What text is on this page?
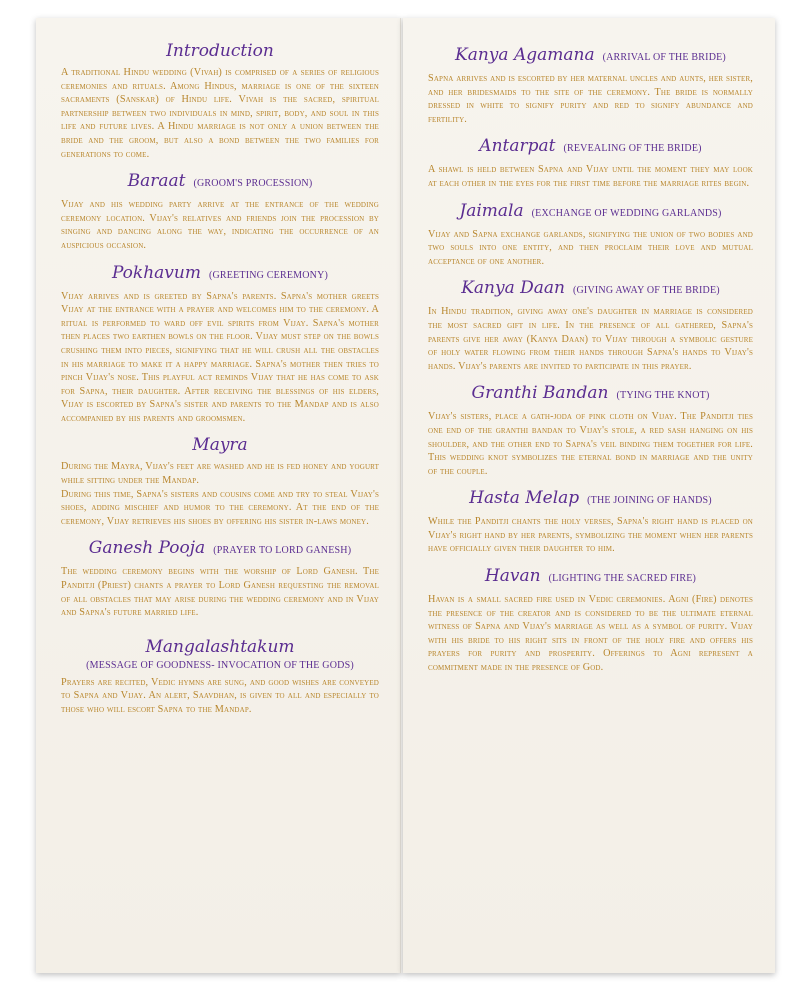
Introduction

A traditional Hindu wedding (Vivah) is comprised of a series of religious ceremonies and rituals. Among Hindus, marriage is one of the sixteen sacraments (Sanskar) of Hindu life. Vivah is the sacred, spiritual partnership between two individuals in mind, spirit, body, and soul in this life and future lives. A Hindu marriage is not only a union between the bride and the groom, but also a bond between the two families for generations to come.

Baraat (GROOM'S PROCESSION)

Vijay and his wedding party arrive at the entrance of the wedding ceremony location. Vijay's relatives and friends join the procession by singing and dancing along the way, indicating the occurrence of an auspicious occasion.

Pokhavum (GREETING CEREMONY)

Vijay arrives and is greeted by Sapna's parents. Sapna's mother greets Vijay at the entrance with a prayer and welcomes him to the ceremony. A ritual is performed to ward off evil spirits from Vijay. Sapna's mother then places two earthen bowls on the floor. Vijay must step on the bowls crushing them into pieces, signifying that he will crush all the obstacles in his marriage to make it a happy marriage. Sapna's mother then tries to pinch Vijay's nose. This playful act reminds Vijay that he has come to ask for Sapna, their daughter. After receiving the blessings of his elders, Vijay is escorted by Sapna's sister and parents to the Mandap and is also accompanied by his parents and groomsmen.

Mayra

During the Mayra, Vijay's feet are washed and he is fed honey and yogurt while sitting under the Mandap.

During this time, Sapna's sisters and cousins come and try to steal Vijay's shoes, adding mischief and humor to the ceremony. At the end of the ceremony, Vijay retrieves his shoes by offering his sister in-laws money.

Ganesh Pooja (PRAYER TO LORD GANESH)

The wedding ceremony begins with the worship of Lord Ganesh. The Panditji (Priest) chants a prayer to Lord Ganesh requesting the removal of all obstacles that may arise during the wedding ceremony and in Vijay and Sapna's future married life.

Mangalashtakum
(MESSAGE OF GOODNESS- INVOCATION OF THE GODS)

Prayers are recited, Vedic hymns are sung, and good wishes are conveyed to Sapna and Vijay. An alert, Saavdhan, is given to all and especially to those who will escort Sapna to the Mandap.

Kanya Agamana (ARRIVAL OF THE BRIDE)

Sapna arrives and is escorted by her maternal uncles and aunts, her sister, and her bridesmaids to the site of the ceremony. The bride is normally dressed in white to signify purity and red to signify abundance and fertility.

Antarpat (REVEALING OF THE BRIDE)

A shawl is held between Sapna and Vijay until the moment they may look at each other in the eyes for the first time before the marriage rites begin.

Jaimala (EXCHANGE OF WEDDING GARLANDS)

Vijay and Sapna exchange garlands, signifying the union of two bodies and two souls into one entity, and then proclaim their love and mutual acceptance of one another.

Kanya Daan (GIVING AWAY OF THE BRIDE)

In Hindu tradition, giving away one's daughter in marriage is considered the most sacred gift in life. In the presence of all gathered, Sapna's parents give her away (Kanya Daan) to Vijay through a symbolic gesture of holy water flowing from their hands through Sapna's hands to Vijay's hands. Vijay's parents are invited to participate in this prayer.

Granthi Bandan (TYING THE KNOT)

Vijay's sisters, place a gath-joda of pink cloth on Vijay. The Panditji ties one end of the granthi bandan to Vijay's stole, a red sash hanging on his shoulder, and the other end to Sapna's veil binding them together for life. This wedding knot symbolizes the eternal bond in marriage and the unity of the couple.

Hasta Melap (THE JOINING OF HANDS)

While the Panditji chants the holy verses, Sapna's right hand is placed on Vijay's right hand by her parents, symbolizing the moment when her parents have officially given their daughter to him.

Havan (LIGHTING THE SACRED FIRE)

Havan is a small sacred fire used in Vedic ceremonies. Agni (Fire) denotes the presence of the creator and is considered to be the ultimate eternal witness of Sapna and Vijay's marriage as well as a symbol of purity. Vijay with his bride to his right sits in front of the holy fire and offers his prayers for purity and prosperity. Offerings to Agni represent a commitment made in the presence of God.
